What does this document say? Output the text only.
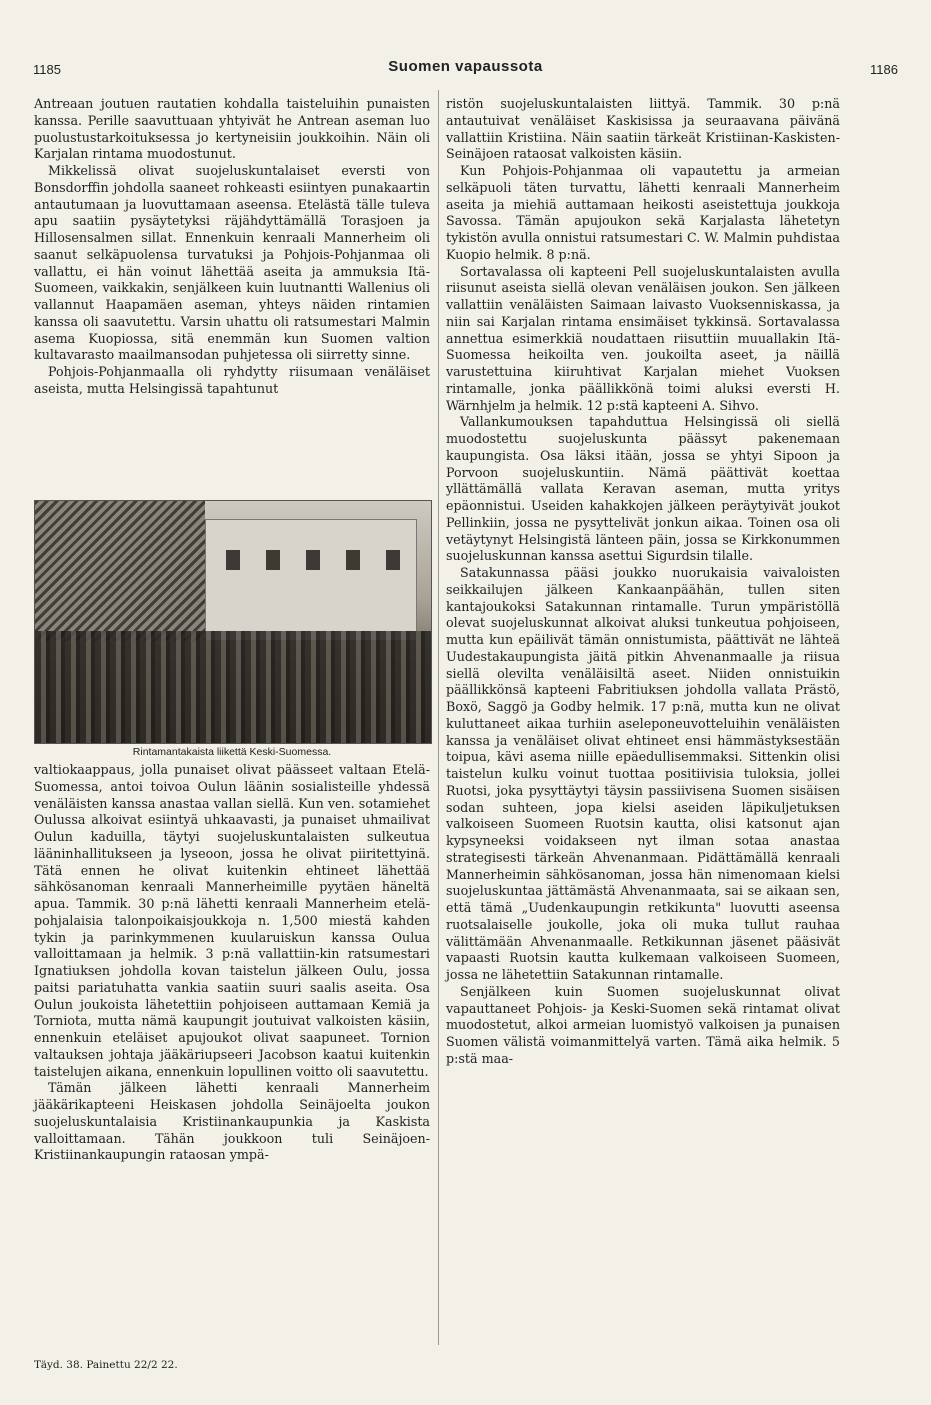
1185	Suomen vapaussota	1186

Antreaan joutuen rautatien kohdalla taisteluihin punaisten kanssa. Perille saavuttuaan yhtyivät he Antrean aseman luo puolustustarkoituksessa jo kertyneisiin joukkoihin. Näin oli Karjalan rintama muodostunut.

Mikkelissä olivat suojeluskuntalaiset eversti von Bonsdorffin johdolla saaneet rohkeasti esiintyen punakaartin antautumaan ja luovuttamaan aseensa. Etelästä tälle tuleva apu saatiin pysäytetyksi räjähdyttämällä Torasjoen ja Hillosensalmen sillat. Ennenkuin kenraali Mannerheim oli saanut selkäpuolensa turvatuksi ja Pohjois-Pohjanmaa oli vallattu, ei hän voinut lähettää aseita ja ammuksia Itä-Suomeen, vaikkakin, senjälkeen kuin luutnantti Wallenius oli vallannut Haapamäen aseman, yhteys näiden rintamien kanssa oli saavutettu. Varsin uhattu oli ratsumestari Malmin asema Kuopiossa, sitä enemmän kun Suomen valtion kultavarasto maailmansodan puhjetessa oli siirretty sinne.

Pohjois-Pohjanmaalla oli ryhdytty riisumaan venäläiset aseista, mutta Helsingissä tapahtunut

Rintamantakaista liikettä Keski-Suomessa.

valtiokaappaus, jolla punaiset olivat päässeet valtaan Etelä-Suomessa, antoi toivoa Oulun läänin sosialisteille yhdessä venäläisten kanssa anastaa vallan siellä. Kun ven. sotamiehet Oulussa alkoivat esiintyä uhkaavasti, ja punaiset uhmailivat Oulun kaduilla, täytyi suojeluskuntalaisten sulkeutua lääninhallitukseen ja lyseoon, jossa he olivat piiritettyinä. Tätä ennen he olivat kuitenkin ehtineet lähettää sähkösanoman kenraali Mannerheimille pyytäen häneltä apua. Tammik. 30 p:nä lähetti kenraali Mannerheim etelä-pohjalaisia talonpoikaisjoukkoja n. 1,500 miestä kahden tykin ja parinkymmenen kuularuiskun kanssa Oulua valloittamaan ja helmik. 3 p:nä vallattiin-kin ratsumestari Ignatiuksen johdolla kovan taistelun jälkeen Oulu, jossa paitsi pariatuhatta vankia saatiin suuri saalis aseita. Osa Oulun joukoista lähetettiin pohjoiseen auttamaan Kemiä ja Torniota, mutta nämä kaupungit joutuivat valkoisten käsiin, ennenkuin eteläiset apujoukot olivat saapuneet. Tornion valtauksen johtaja jääkäriupseeri Jacobson kaatui kuitenkin taistelujen aikana, ennenkuin lopullinen voitto oli saavutettu.

Tämän jälkeen lähetti kenraali Mannerheim jääkärikapteeni Heiskasen johdolla Seinäjoelta joukon suojeluskuntalaisia Kristiinankaupunkia ja Kaskista valloittamaan. Tähän joukkoon tuli Seinäjoen-Kristiinankaupungin rataosan ympä-

ristön suojeluskuntalaisten liittyä. Tammik. 30 p:nä antautuivat venäläiset Kaskisissa ja seuraavana päivänä vallattiin Kristiina. Näin saatiin tärkeät Kristiinan-Kaskisten-Seinäjoen rataosat valkoisten käsiin.

Kun Pohjois-Pohjanmaa oli vapautettu ja armeian selkäpuoli täten turvattu, lähetti kenraali Mannerheim aseita ja miehiä auttamaan heikosti aseistettuja joukkoja Savossa. Tämän apujoukon sekä Karjalasta lähetetyn tykistön avulla onnistui ratsumestari C. W. Malmin puhdistaa Kuopio helmik. 8 p:nä.

Sortavalassa oli kapteeni Pell suojeluskuntalaisten avulla riisunut aseista siellä olevan venäläisen joukon. Sen jälkeen vallattiin venäläisten Saimaan laivasto Vuoksenniskassa, ja niin sai Karjalan rintama ensimäiset tykkinsä. Sortavalassa annettua esimerkkiä noudattaen riisuttiin muuallakin Itä-Suomessa heikoilta ven. joukoilta aseet, ja näillä varustettuina kiiruhtivat Karjalan miehet Vuoksen rintamalle, jonka päällikkönä toimi aluksi eversti H. Wärnhjelm ja helmik. 12 p:stä kapteeni A. Sihvo.

Vallankumouksen tapahduttua Helsingissä oli siellä muodostettu suojeluskunta päässyt pakenemaan kaupungista. Osa läksi itään, jossa se yhtyi Sipoon ja Porvoon suojeluskuntiin. Nämä päättivät koettaa yllättämällä vallata Keravan aseman, mutta yritys epäonnistui. Useiden kahakkojen jälkeen peräytyivät joukot Pellinkiin, jossa ne pysyttelivät jonkun aikaa. Toinen osa oli vetäytynyt Helsingistä länteen päin, jossa se Kirkkonummen suojeluskunnan kanssa asettui Sigurdsin tilalle.

Satakunnassa pääsi joukko nuorukaisia vaivaloisten seikkailujen jälkeen Kankaanpäähän, tullen siten kantajoukoksi Satakunnan rintamalle. Turun ympäristöllä olevat suojeluskunnat alkoivat aluksi tunkeutua pohjoiseen, mutta kun epäilivät tämän onnistumista, päättivät ne lähteä Uudestakaupungista jäitä pitkin Ahvenanmaalle ja riisua siellä olevilta venäläisiltä aseet. Niiden onnistuikin päällikkönsä kapteeni Fabritiuksen johdolla vallata Prästö, Boxö, Saggö ja Godby helmik. 17 p:nä, mutta kun ne olivat kuluttaneet aikaa turhiin aseleponeuvotteluihin venäläisten kanssa ja venäläiset olivat ehtineet ensi hämmästyksestään toipua, kävi asema niille epäedullisemmaksi. Sittenkin olisi taistelun kulku voinut tuottaa positiivisia tuloksia, jollei Ruotsi, joka pysyttäytyi täysin passiivisena Suomen sisäisen sodan suhteen, jopa kielsi aseiden läpikuljetuksen valkoiseen Suomeen Ruotsin kautta, olisi katsonut ajan kypsyneeksi voidakseen nyt ilman sotaa anastaa strategisesti tärkeän Ahvenanmaan. Pidättämällä kenraali Mannerheimin sähkösanoman, jossa hän nimenomaan kielsi suojeluskuntaa jättämästä Ahvenanmaata, sai se aikaan sen, että tämä „Uudenkaupungin retkikunta" luovutti aseensa ruotsalaiselle joukolle, joka oli muka tullut rauhaa välittämään Ahvenanmaalle. Retkikunnan jäsenet pääsivät vapaasti Ruotsin kautta kulkemaan valkoiseen Suomeen, jossa ne lähetettiin Satakunnan rintamalle.

Senjälkeen kuin Suomen suojeluskunnat olivat vapauttaneet Pohjois- ja Keski-Suomen sekä rintamat olivat muodostetut, alkoi armeian luomistyö valkoisen ja punaisen Suomen välistä voimanmittelyä varten. Tämä aika helmik. 5 p:stä maa-

Täyd. 38. Painettu 22/2 22.
